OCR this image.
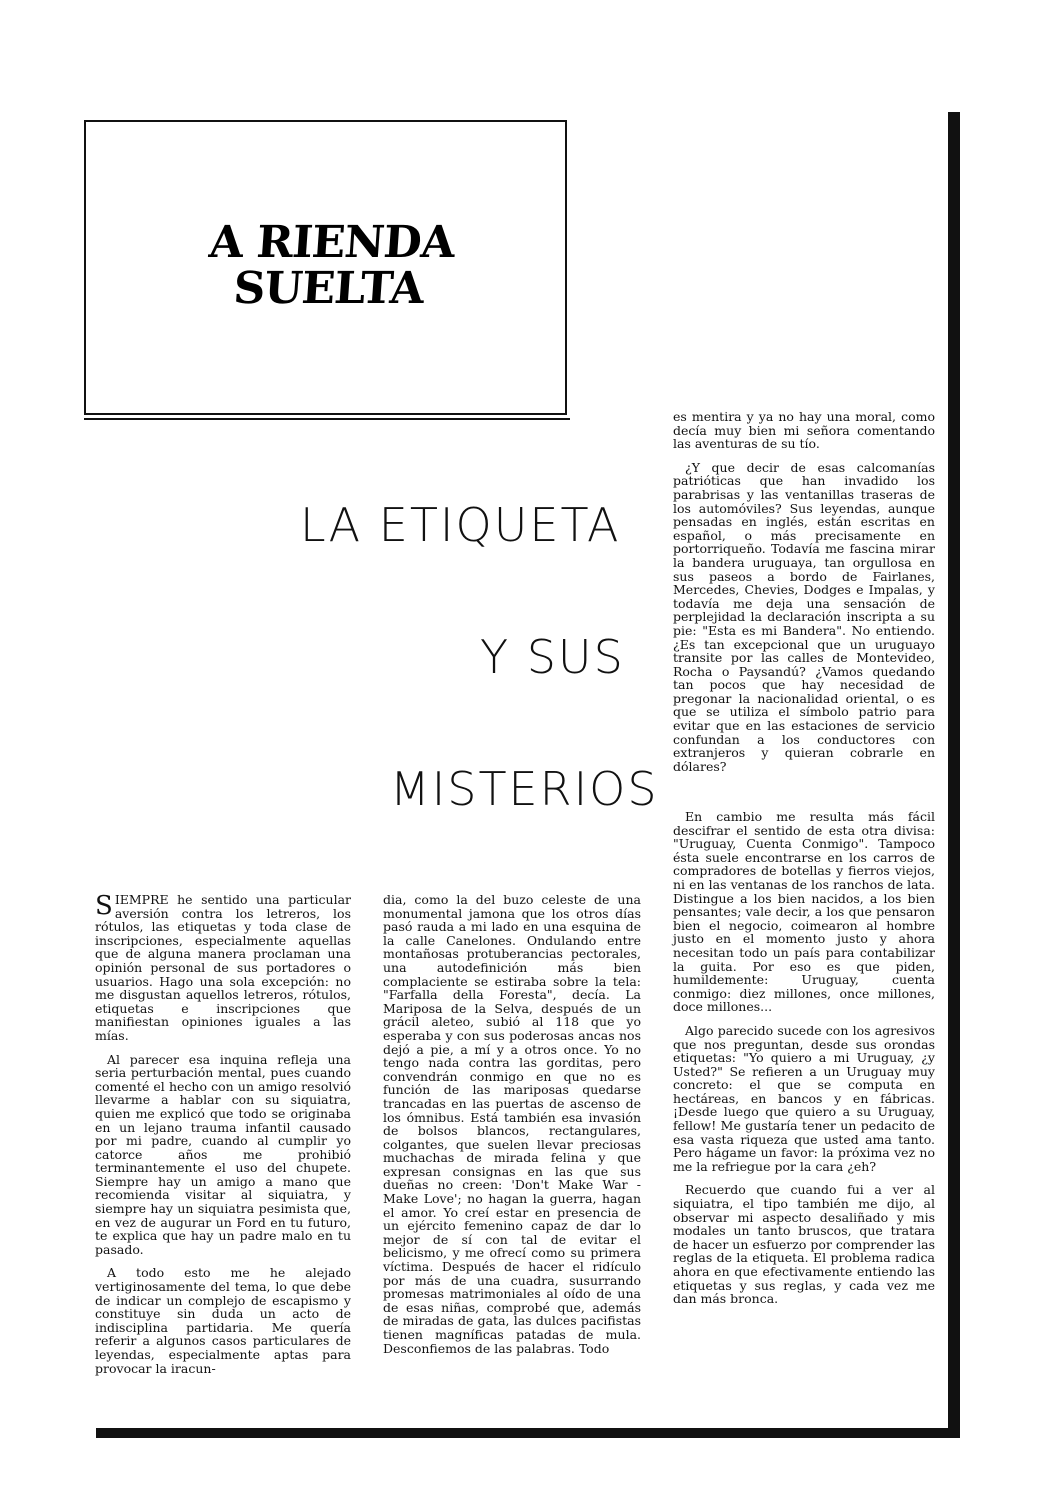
A RIENDA
SUELTA
LA ETIQUETA
Y SUS
MISTERIOS

es mentira y ya no hay una moral, como decía muy bien mi señora comentando las aventuras de su tío.

¿Y que decir de esas calcomanías patrióticas que han invadido los parabrisas y las ventanillas traseras de los automóviles? Sus leyendas, aunque pensadas en inglés, están escritas en español, o más precisamente en portorriqueño. Todavía me fascina mirar la bandera uruguaya, tan orgullosa en sus paseos a bordo de Fairlanes, Mercedes, Chevies, Dodges e Impalas, y todavía me deja una sensación de perplejidad la declaración inscripta a su pie: "Esta es mi Bandera". No entiendo. ¿Es tan excepcional que un uruguayo transite por las calles de Montevideo, Rocha o Paysandú? ¿Vamos quedando tan pocos que hay necesidad de pregonar la nacionalidad oriental, o es que se utiliza el símbolo patrio para evitar que en las estaciones de servicio confundan a los conductores con extranjeros y quieran cobrarle en dólares?

SIEMPRE he sentido una particular aversión contra los letreros, los rótulos, las etiquetas y toda clase de inscripciones, especialmente aquellas que de alguna manera proclaman una opinión personal de sus portadores o usuarios. Hago una sola excepción: no me disgustan aquellos letreros, rótulos, etiquetas e inscripciones que manifiestan opiniones iguales a las mías.

Al parecer esa inquina refleja una seria perturbación mental, pues cuando comenté el hecho con un amigo resolvió llevarme a hablar con su siquiatra, quien me explicó que todo se originaba en un lejano trauma infantil causado por mi padre, cuando al cumplir yo catorce años me prohibió terminantemente el uso del chupete. Siempre hay un amigo a mano que recomienda visitar al siquiatra, y siempre hay un siquiatra pesimista que, en vez de augurar un Ford en tu futuro, te explica que hay un padre malo en tu pasado.

A todo esto me he alejado vertiginosamente del tema, lo que debe de indicar un complejo de escapismo y constituye sin duda un acto de indisciplina partidaria. Me quería referir a algunos casos particulares de leyendas, especialmente aptas para provocar la iracun-

dia, como la del buzo celeste de una monumental jamona que los otros días pasó rauda a mi lado en una esquina de la calle Canelones. Ondulando entre montañosas protuberancias pectorales, una autodefinición más bien complaciente se estiraba sobre la tela: "Farfalla della Foresta", decía. La Mariposa de la Selva, después de un grácil aleteo, subió al 118 que yo esperaba y con sus poderosas ancas nos dejó a pie, a mí y a otros once. Yo no tengo nada contra las gorditas, pero convendrán conmigo en que no es función de las mariposas quedarse trancadas en las puertas de ascenso de los ómnibus. Está también esa invasión de bolsos blancos, rectangulares, colgantes, que suelen llevar preciosas muchachas de mirada felina y que expresan consignas en las que sus dueñas no creen: 'Don't Make War - Make Love'; no hagan la guerra, hagan el amor. Yo creí estar en presencia de un ejército femenino capaz de dar lo mejor de sí con tal de evitar el belicismo, y me ofrecí como su primera víctima. Después de hacer el ridículo por más de una cuadra, susurrando promesas matrimoniales al oído de una de esas niñas, comprobé que, además de miradas de gata, las dulces pacifistas tienen magníficas patadas de mula. Desconfiemos de las palabras. Todo

En cambio me resulta más fácil descifrar el sentido de esta otra divisa: "Uruguay, Cuenta Conmigo". Tampoco ésta suele encontrarse en los carros de compradores de botellas y fierros viejos, ni en las ventanas de los ranchos de lata. Distingue a los bien nacidos, a los bien pensantes; vale decir, a los que pensaron bien el negocio, coimearon al hombre justo en el momento justo y ahora necesitan todo un país para contabilizar la guita. Por eso es que piden, humildemente: Uruguay, cuenta conmigo: diez millones, once millones, doce millones...

Algo parecido sucede con los agresivos que nos preguntan, desde sus orondas etiquetas: "Yo quiero a mi Uruguay, ¿y Usted?" Se refieren a un Uruguay muy concreto: el que se computa en hectáreas, en bancos y en fábricas. ¡Desde luego que quiero a su Uruguay, fellow! Me gustaría tener un pedacito de esa vasta riqueza que usted ama tanto. Pero hágame un favor: la próxima vez no me la refriegue por la cara ¿eh?

Recuerdo que cuando fui a ver al siquiatra, el tipo también me dijo, al observar mi aspecto desaliñado y mis modales un tanto bruscos, que tratara de hacer un esfuerzo por comprender las reglas de la etiqueta. El problema radica ahora en que efectivamente entiendo las etiquetas y sus reglas, y cada vez me dan más bronca.
